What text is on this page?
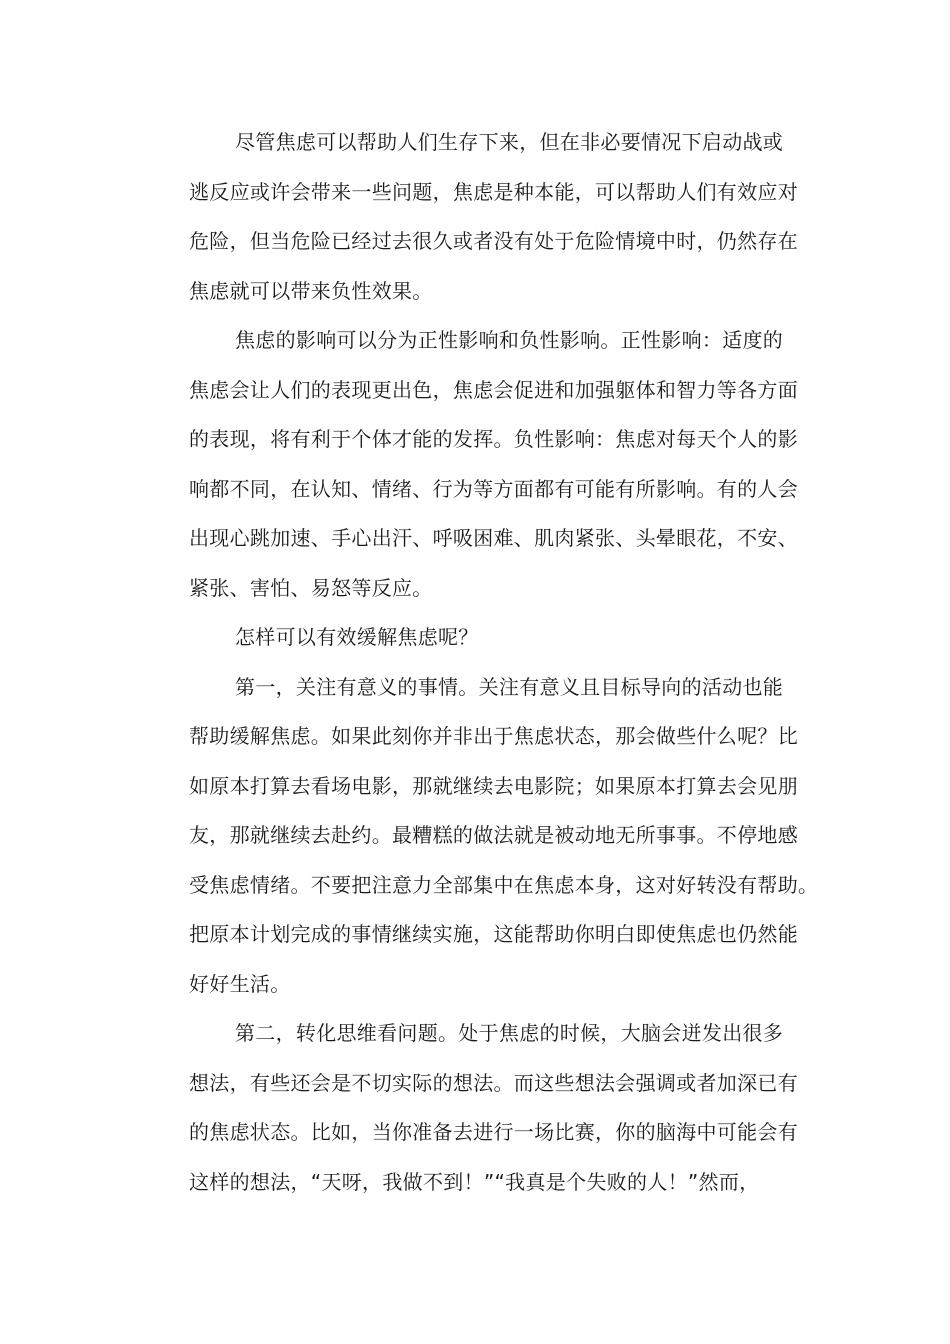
尽管焦虑可以帮助人们生存下来，但在非必要情况下启动战或
逃反应或许会带来一些问题，焦虑是种本能，可以帮助人们有效应对
危险，但当危险已经过去很久或者没有处于危险情境中时，仍然存在
焦虑就可以带来负性效果。

焦虑的影响可以分为正性影响和负性影响。正性影响：适度的
焦虑会让人们的表现更出色，焦虑会促进和加强躯体和智力等各方面
的表现，将有利于个体才能的发挥。负性影响：焦虑对每天个人的影
响都不同，在认知、情绪、行为等方面都有可能有所影响。有的人会
出现心跳加速、手心出汗、呼吸困难、肌肉紧张、头晕眼花，不安、
紧张、害怕、易怒等反应。

怎样可以有效缓解焦虑呢？

第一，关注有意义的事情。关注有意义且目标导向的活动也能
帮助缓解焦虑。如果此刻你并非出于焦虑状态，那会做些什么呢？比
如原本打算去看场电影，那就继续去电影院；如果原本打算去会见朋
友，那就继续去赴约。最糟糕的做法就是被动地无所事事。不停地感
受焦虑情绪。不要把注意力全部集中在焦虑本身，这对好转没有帮助。
把原本计划完成的事情继续实施，这能帮助你明白即使焦虑也仍然能
好好生活。

第二，转化思维看问题。处于焦虑的时候，大脑会迸发出很多
想法，有些还会是不切实际的想法。而这些想法会强调或者加深已有
的焦虑状态。比如，当你准备去进行一场比赛，你的脑海中可能会有
这样的想法，“天呀，我做不到！”“我真是个失败的人！”然而，
